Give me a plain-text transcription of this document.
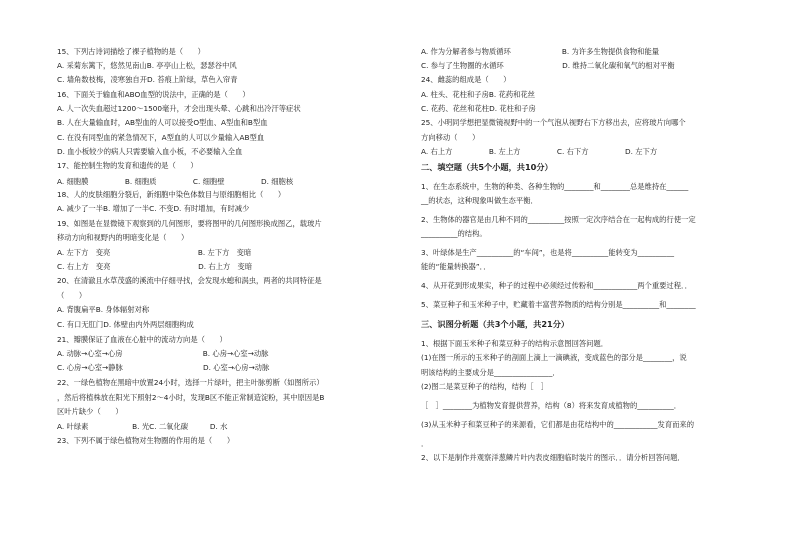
15、下列古诗词描绘了裸子植物的是（　　）
A. 采菊东篱下，悠然见南山B. 亭亭山上松，瑟瑟谷中风
C. 墙角数枝梅，凌寒独自开D. 苔痕上阶绿，草色入帘青
16、下面关于输血和ABO血型的说法中，正确的是（　　）
A. 人一次失血超过1200～1500毫升，才会出现头晕、心跳和出冷汗等症状
B. 人在大量输血时，AB型血的人可以接受O型血、A型血和B型血
C. 在没有同型血的紧急情况下，A型血的人可以少量输入AB型血
D. 血小板较少的病人只需要输入血小板，不必要输入全血
17、能控制生物的发育和遗传的是（　　）
A. 细胞膜　　　　　B. 细胞质　　　　　C. 细胞壁　　　　　D. 细胞核
18、人的皮肤细胞分裂后，新细胞中染色体数目与原细胞相比（　　）
A. 减少了一半B. 增加了一半C. 不变D. 有时增加，有时减少
19、如图是在显微镜下观察到的几何图形，要将图甲的几何图形换成图乙，载玻片
移动方向和视野内的明暗变化是（　　）
A. 左下方　变亮　　　　　　　　　　　　B. 左下方　变暗
C. 右上方　变亮　　　　　　　　　　　　D. 右上方　变暗
20、在清澈且水草茂盛的溪流中仔细寻找，会发现水螅和涡虫，两者的共同特征是
（　　）
A. 背腹扁平B. 身体辐射对称
C. 有口无肛门D. 体壁由内外两层细胞构成
21、瓣膜保证了血液在心脏中的流动方向是（　　）
A. 动脉→心室→心房　　　　　　　　　　　B. 心房→心室→动脉
C. 心房→心室→静脉　　　　　　　　　　　D. 心室→心房→动脉
22、一绿色植物在黑暗中放置24小时，选择一片绿叶，把主叶脉剪断（如图所示）
，然后将植株放在阳光下照射2～4小时，发现B区不能正常制造淀粉，其中原因是B
区叶片缺少（　　）
A. 叶绿素　　　　　　B. 光C. 二氧化碳　　　D. 水
23、下列不属于绿色植物对生物圈的作用的是（　　）
A. 作为分解者参与物质循环　　　　　　　B. 为许多生物提供食物和能量
C. 参与了生物圈的水循环　　　　　　　　D. 维持二氧化碳和氧气的相对平衡
24、雌蕊的组成是（　　）
A. 柱头、花柱和子房B. 花药和花丝
C. 花药、花丝和花柱D. 花柱和子房
25、小明同学想把显微镜视野中的一个气泡从视野右下方移出去，应将玻片向哪个
方向移动（　　）
A. 右上方　　　　　B. 左上方　　　　　C. 右下方　　　　　D. 左下方
二、填空题（共5个小题，共10分）
1、在生态系统中，生物的种类、各种生物的________和________总是维持在______
__的状态，这种现象叫做生态平衡．
2、生物体的器官是由几种不同的__________按照一定次序结合在一起构成的行使一定
__________的结构。
3、叶绿体是生产__________的“车间”，也是将__________能转变为__________
能的“能量转换器”．．
4、从开花到形成果实，种子的过程中必须经过传粉和____________两个重要过程．．
5、菜豆种子和玉米种子中，贮藏着丰富营养物质的结构分别是__________和________
三、识图分析题（共3个小题，共21分）
1、根据下面玉米种子和菜豆种子的结构示意图回答问题．
(1)在图一所示的玉米种子的剖面上滴上一滴碘液，变成蓝色的部分是________，说
明该结构的主要成分是________________．
(2)图二是菜豆种子的结构，结构［　］
［　］________为植物发育提供营养，结构（8）将来发育成植物的__________．
(3)从玉米种子和菜豆种子的来源看，它们都是由花结构中的____________发育而来的
．
2、以下是制作并观察洋葱鳞片叶内表皮细胞临时装片的图示．．请分析回答问题．
